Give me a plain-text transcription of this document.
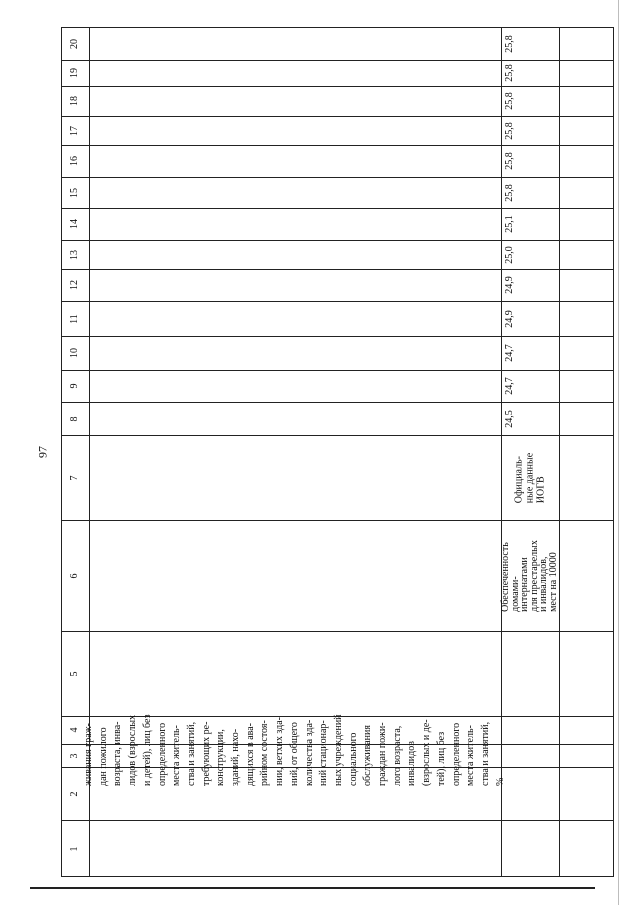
97
1
2
3
4
5
6
7
8
9
10
11
12
13
14
15
16
17
18
19
20
живания граж- дан пожилого возраста, инва- лидов (взрослых и детей), лиц без определенного места житель- ства и занятий, требующих ре- конструкции, зданий, нахо- дящихся в ава- рийном состоя- нии, ветхих зда- ний, от общего количества зда- ний стационар- ных учреждений социального обслуживания граждан пожи- лого возраста, инвалидов (взрослых и де- тей), лиц без определенного места житель- ства и занятий, %
Обеспеченность
домами-
интернатами
для престарелых
и инвалидов,
мест на 10000
Официаль- ные данные ИОГВ
24,5
24,7
24,7
24,9
24,9
25,0
25,1
25,8
25,8
25,8
25,8
25,8
25,8
